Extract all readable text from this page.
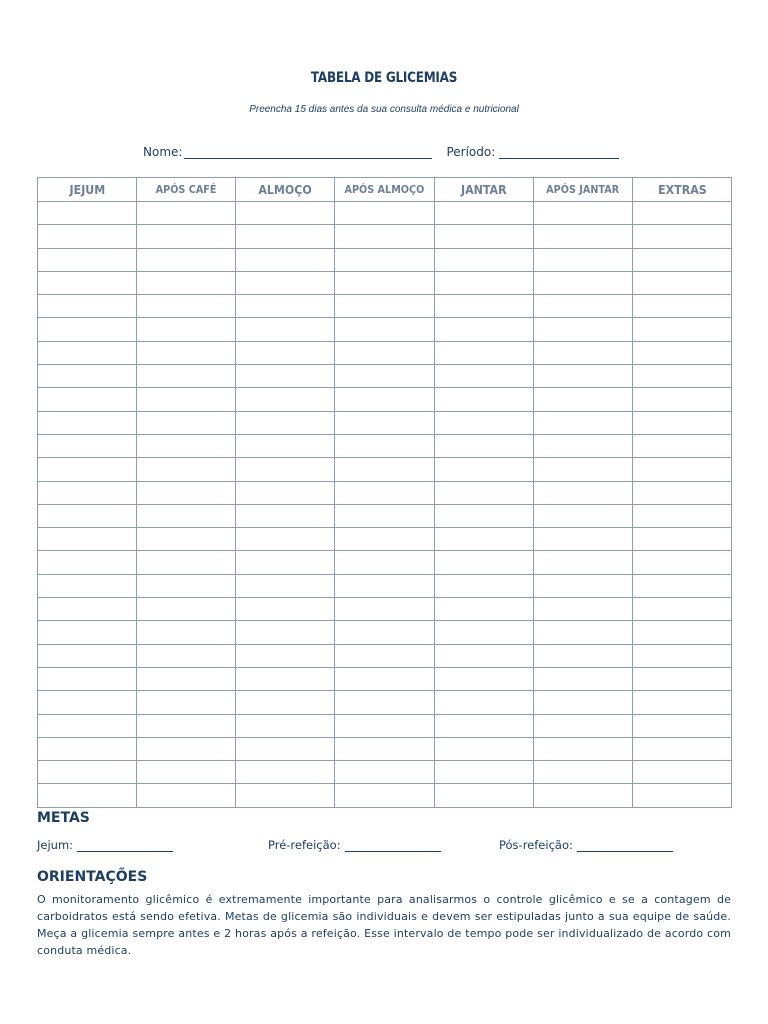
TABELA DE GLICEMIAS
Preencha 15 dias antes da sua consulta médica e nutricional
Nome:	Período:
JEJUM	APÓS CAFÉ	ALMOÇO	APÓS ALMOÇO	JANTAR	APÓS JANTAR	EXTRAS

METAS
Jejum:	Pré-refeição:	Pós-refeição:
ORIENTAÇÕES
O monitoramento glicêmico é extremamente importante para analisarmos o controle glicêmico e se a contagem de carboidratos está sendo efetiva. Metas de glicemia são individuais e devem ser estipuladas junto a sua equipe de saúde. Meça a glicemia sempre antes e 2 horas após a refeição. Esse intervalo de tempo pode ser individualizado de acordo com conduta médica.
